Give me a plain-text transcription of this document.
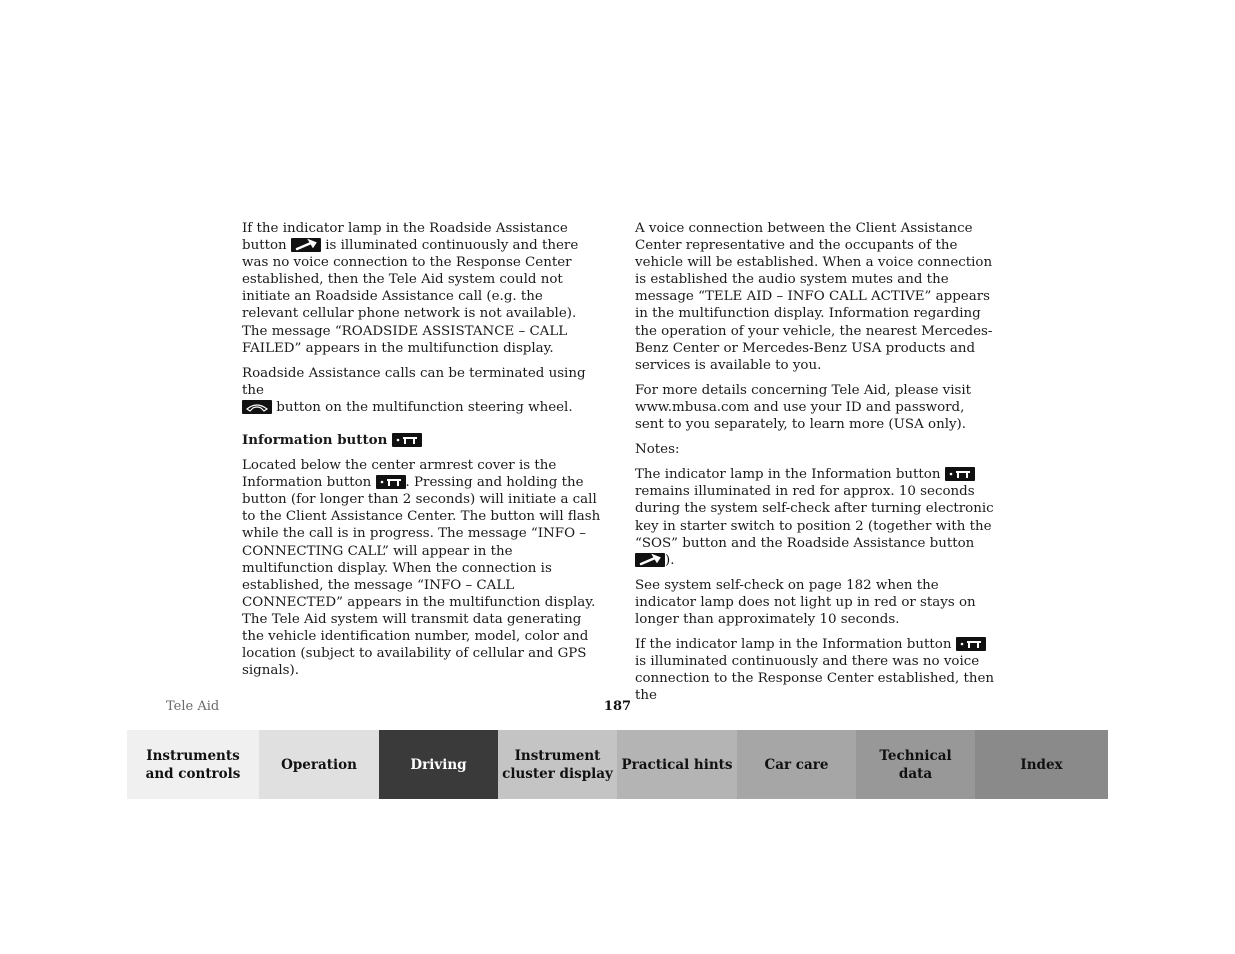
If the indicator lamp in the Roadside Assistance button	is illuminated continuously and there was no voice connection to the Response Center established, then the Tele Aid system could not initiate an Roadside Assistance call (e.g. the relevant cellular phone network is not available). The message “ROADSIDE ASSISTANCE – CALL FAILED” appears in the multifunction display.

Roadside Assistance calls can be terminated using the

button on the multifunction steering wheel.

Information button

Located below the center armrest cover is the Information button	. Pressing and holding the button (for longer than 2 seconds) will initiate a call to the Client Assistance Center. The button will flash while the call is in progress. The message “INFO – CONNECTING CALL” will appear in the multifunction display. When the connection is established, the message “INFO – CALL CONNECTED” appears in the multifunction display. The Tele Aid system will transmit data generating the vehicle identification number, model, color and location (subject to availability of cellular and GPS signals).

A voice connection between the Client Assistance Center representative and the occupants of the vehicle will be established. When a voice connection is established the audio system mutes and the message “TELE AID – INFO CALL ACTIVE” appears in the multifunction display. Information regarding the operation of your vehicle, the nearest Mercedes-Benz Center or Mercedes-Benz USA products and services is available to you.

For more details concerning Tele Aid, please visit www.mbusa.com and use your ID and password, sent to you separately, to learn more (USA only).

Notes:

The indicator lamp in the Information button
remains illuminated in red for approx. 10 seconds during the system self-check after turning electronic key in starter switch to position 2 (together with the “SOS” button and the Roadside Assistance button
).

See system self-check on page 182 when the indicator lamp does not light up in red or stays on longer than approximately 10 seconds.

If the indicator lamp in the Information button
is illuminated continuously and there was no voice connection to the Response Center established, then the

Tele Aid	187
Instruments
and controls
Operation	Driving
Instrument
cluster display
Practical hints	Car care
Technical
data
Index
